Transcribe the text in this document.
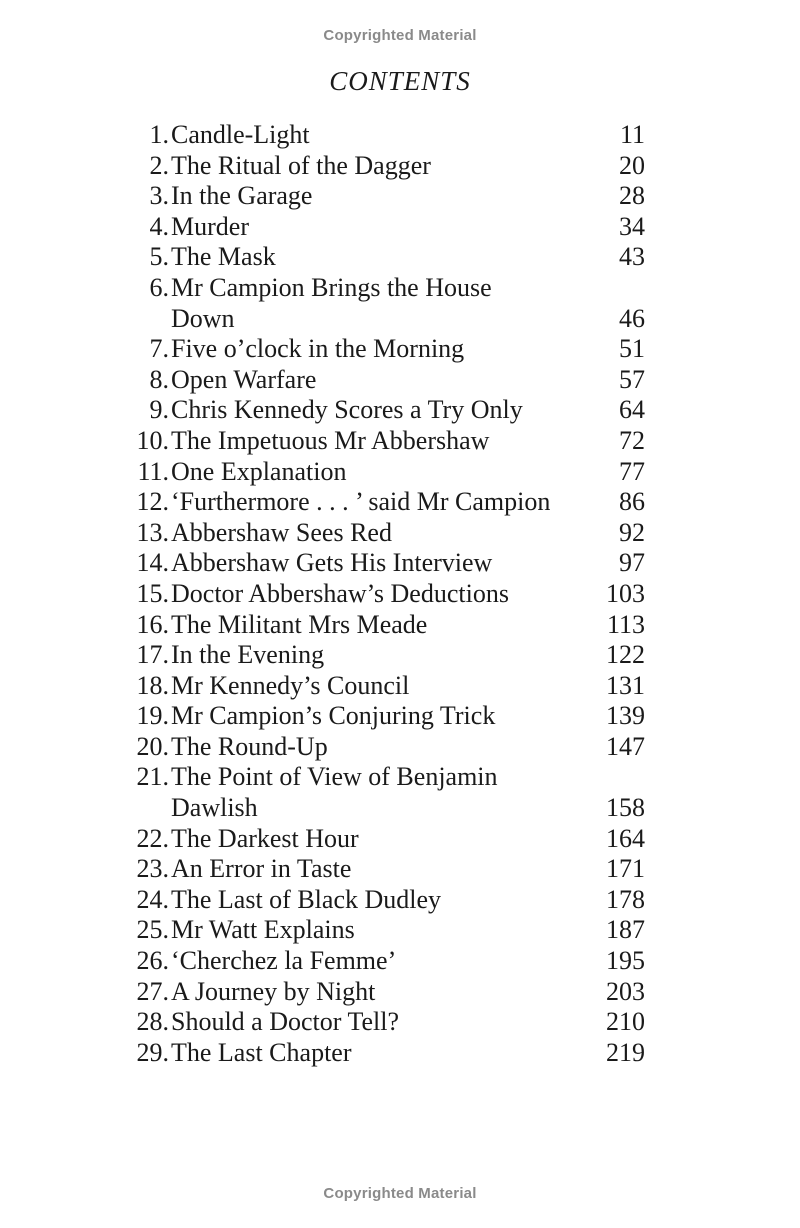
Copyrighted Material
CONTENTS
1. Candle-Light	11
2. The Ritual of the Dagger	20
3. In the Garage	28
4. Murder	34
5. The Mask	43
6. Mr Campion Brings the House
Down	46
7. Five o’clock in the Morning	51
8. Open Warfare	57
9. Chris Kennedy Scores a Try Only	64
10. The Impetuous Mr Abbershaw	72
11. One Explanation	77
12. ‘Furthermore . . . ’ said Mr Campion	86
13. Abbershaw Sees Red	92
14. Abbershaw Gets His Interview	97
15. Doctor Abbershaw’s Deductions	103
16. The Militant Mrs Meade	113
17. In the Evening	122
18. Mr Kennedy’s Council	131
19. Mr Campion’s Conjuring Trick	139
20. The Round-Up	147
21. The Point of View of Benjamin
Dawlish	158
22. The Darkest Hour	164
23. An Error in Taste	171
24. The Last of Black Dudley	178
25. Mr Watt Explains	187
26. ‘Cherchez la Femme’	195
27. A Journey by Night	203
28. Should a Doctor Tell?	210
29. The Last Chapter	219
Copyrighted Material
